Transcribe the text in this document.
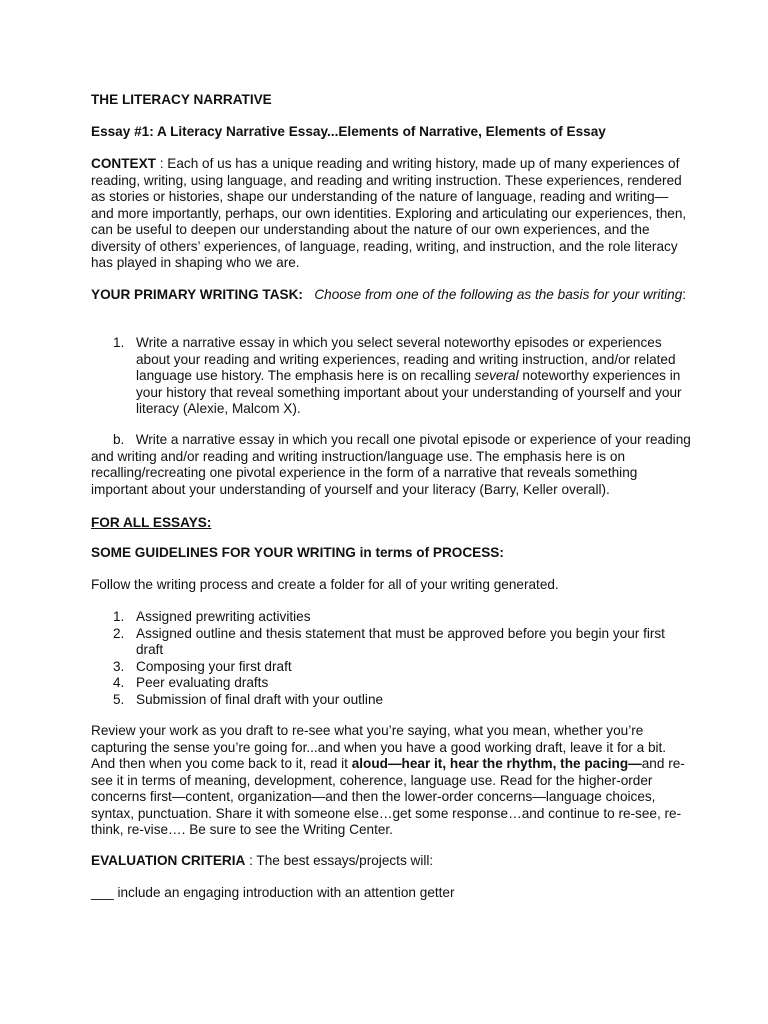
THE LITERACY NARRATIVE

Essay #1: A Literacy Narrative Essay...Elements of Narrative, Elements of Essay

CONTEXT : Each of us has a unique reading and writing history, made up of many experiences of reading, writing, using language, and reading and writing instruction. These experiences, rendered as stories or histories, shape our understanding of the nature of language, reading and writing—and more importantly, perhaps, our own identities. Exploring and articulating our experiences, then, can be useful to deepen our understanding about the nature of our own experiences, and the diversity of others’ experiences, of language, reading, writing, and instruction, and the role literacy has played in shaping who we are.

YOUR PRIMARY WRITING TASK: Choose from one of the following as the basis for your writing:

1. Write a narrative essay in which you select several noteworthy episodes or experiences about your reading and writing experiences, reading and writing instruction, and/or related language use history. The emphasis here is on recalling several noteworthy experiences in your history that reveal something important about your understanding of yourself and your literacy (Alexie, Malcom X).

b. Write a narrative essay in which you recall one pivotal episode or experience of your reading and writing and/or reading and writing instruction/language use. The emphasis here is on recalling/recreating one pivotal experience in the form of a narrative that reveals something important about your understanding of yourself and your literacy (Barry, Keller overall).

FOR ALL ESSAYS:

SOME GUIDELINES FOR YOUR WRITING in terms of PROCESS:

Follow the writing process and create a folder for all of your writing generated.

1. Assigned prewriting activities
2. Assigned outline and thesis statement that must be approved before you begin your first draft
3. Composing your first draft
4. Peer evaluating drafts
5. Submission of final draft with your outline

Review your work as you draft to re-see what you’re saying, what you mean, whether you’re capturing the sense you’re going for...and when you have a good working draft, leave it for a bit. And then when you come back to it, read it aloud—hear it, hear the rhythm, the pacing—and re-see it in terms of meaning, development, coherence, language use. Read for the higher-order concerns first—content, organization—and then the lower-order concerns—language choices, syntax, punctuation. Share it with someone else…get some response…and continue to re-see, re-think, re-vise…. Be sure to see the Writing Center.

EVALUATION CRITERIA : The best essays/projects will:

___ include an engaging introduction with an attention getter
